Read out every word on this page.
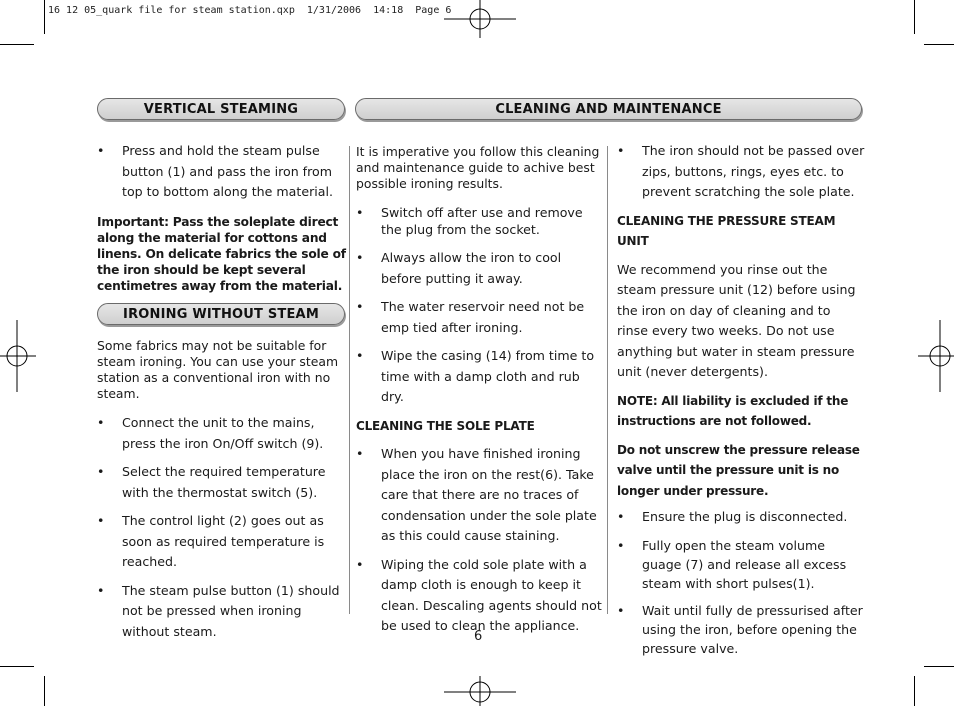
16 12 05_quark file for steam station.qxp  1/31/2006  14:18  Page 6
VERTICAL STEAMING	CLEANING AND MAINTENANCE

• Press and hold the steam pulse button (1) and pass the iron from top to bottom along the material.

Important: Pass the soleplate direct along the material for cottons and linens. On delicate fabrics the sole of the iron should be kept several centimetres away from the material.

IRONING WITHOUT STEAM

Some fabrics may not be suitable for steam ironing. You can use your steam station as a conventional iron with no steam.

• Connect the unit to the mains, press the iron On/Off switch (9).

• Select the required temperature with the thermostat switch (5).

• The control light (2) goes out as soon as required temperature is reached.

• The steam pulse button (1) should not be pressed when ironing without steam.

It is imperative you follow this cleaning and maintenance guide to achive best possible ironing results.

• Switch off after use and remove the plug from the socket.

• Always allow the iron to cool before putting it away.

• The water reservoir need not be emp tied after ironing.

• Wipe the casing (14) from time to time with a damp cloth and rub dry.

CLEANING THE SOLE PLATE

• When you have finished ironing place the iron on the rest(6). Take care that there are no traces of condensation under the sole plate as this could cause staining.

• Wiping the cold sole plate with a damp cloth is enough to keep it clean. Descaling agents should not be used to clean the appliance.

• The iron should not be passed over zips, buttons, rings, eyes etc. to prevent scratching the sole plate.

CLEANING THE PRESSURE STEAM UNIT

We recommend you rinse out the steam pressure unit (12) before using the iron on day of cleaning and to rinse every two weeks. Do not use anything but water in steam pressure unit (never detergents).

NOTE: All liability is excluded if the instructions are not followed.

Do not unscrew the pressure release valve until the pressure unit is no longer under pressure.

• Ensure the plug is disconnected.

• Fully open the steam volume guage (7) and release all excess steam with short pulses(1).

• Wait until fully de pressurised after using the iron, before opening the pressure valve.

6
